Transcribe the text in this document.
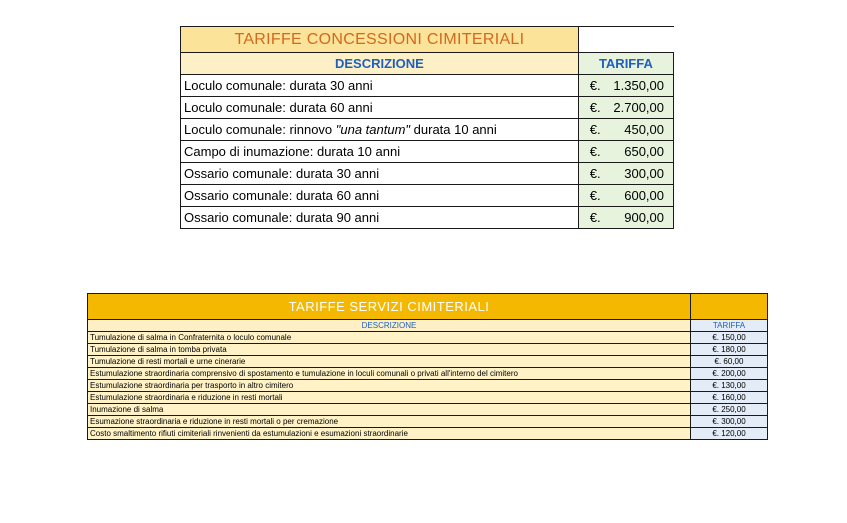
TARIFFE CONCESSIONI CIMITERIALI	
DESCRIZIONE	TARIFFA
Loculo comunale: durata 30 anni	€. 1.350,00

Loculo comunale: durata 60 anni	€. 2.700,00

Loculo comunale: rinnovo "una tantum" durata 10 anni	€. 450,00

Campo di inumazione: durata 10 anni	€. 650,00

Ossario comunale: durata 30 anni	€. 300,00

Ossario comunale: durata 60 anni	€. 600,00

Ossario comunale: durata 90 anni	€. 900,00
TARIFFE SERVIZI CIMITERIALI	
DESCRIZIONE	TARIFFA
Tumulazione di salma in Confraternita o loculo comunale	€. 150,00
Tumulazione di salma in tomba privata	€. 180,00
Tumulazione di resti mortali e urne cinerarie	€. 60,00
Estumulazione straordinaria comprensivo di spostamento e tumulazione in loculi comunali o privati all'interno del cimitero	€. 200,00
Estumulazione straordinaria per trasporto in altro cimitero	€. 130,00
Estumulazione straordinaria e riduzione in resti mortali	€. 160,00
Inumazione di salma	€. 250,00
Esumazione straordinaria e riduzione in resti mortali o per cremazione	€. 300,00
Costo smaltimento rifiuti cimiteriali rinvenienti da estumulazioni e esumazioni straordinarie	€. 120,00
